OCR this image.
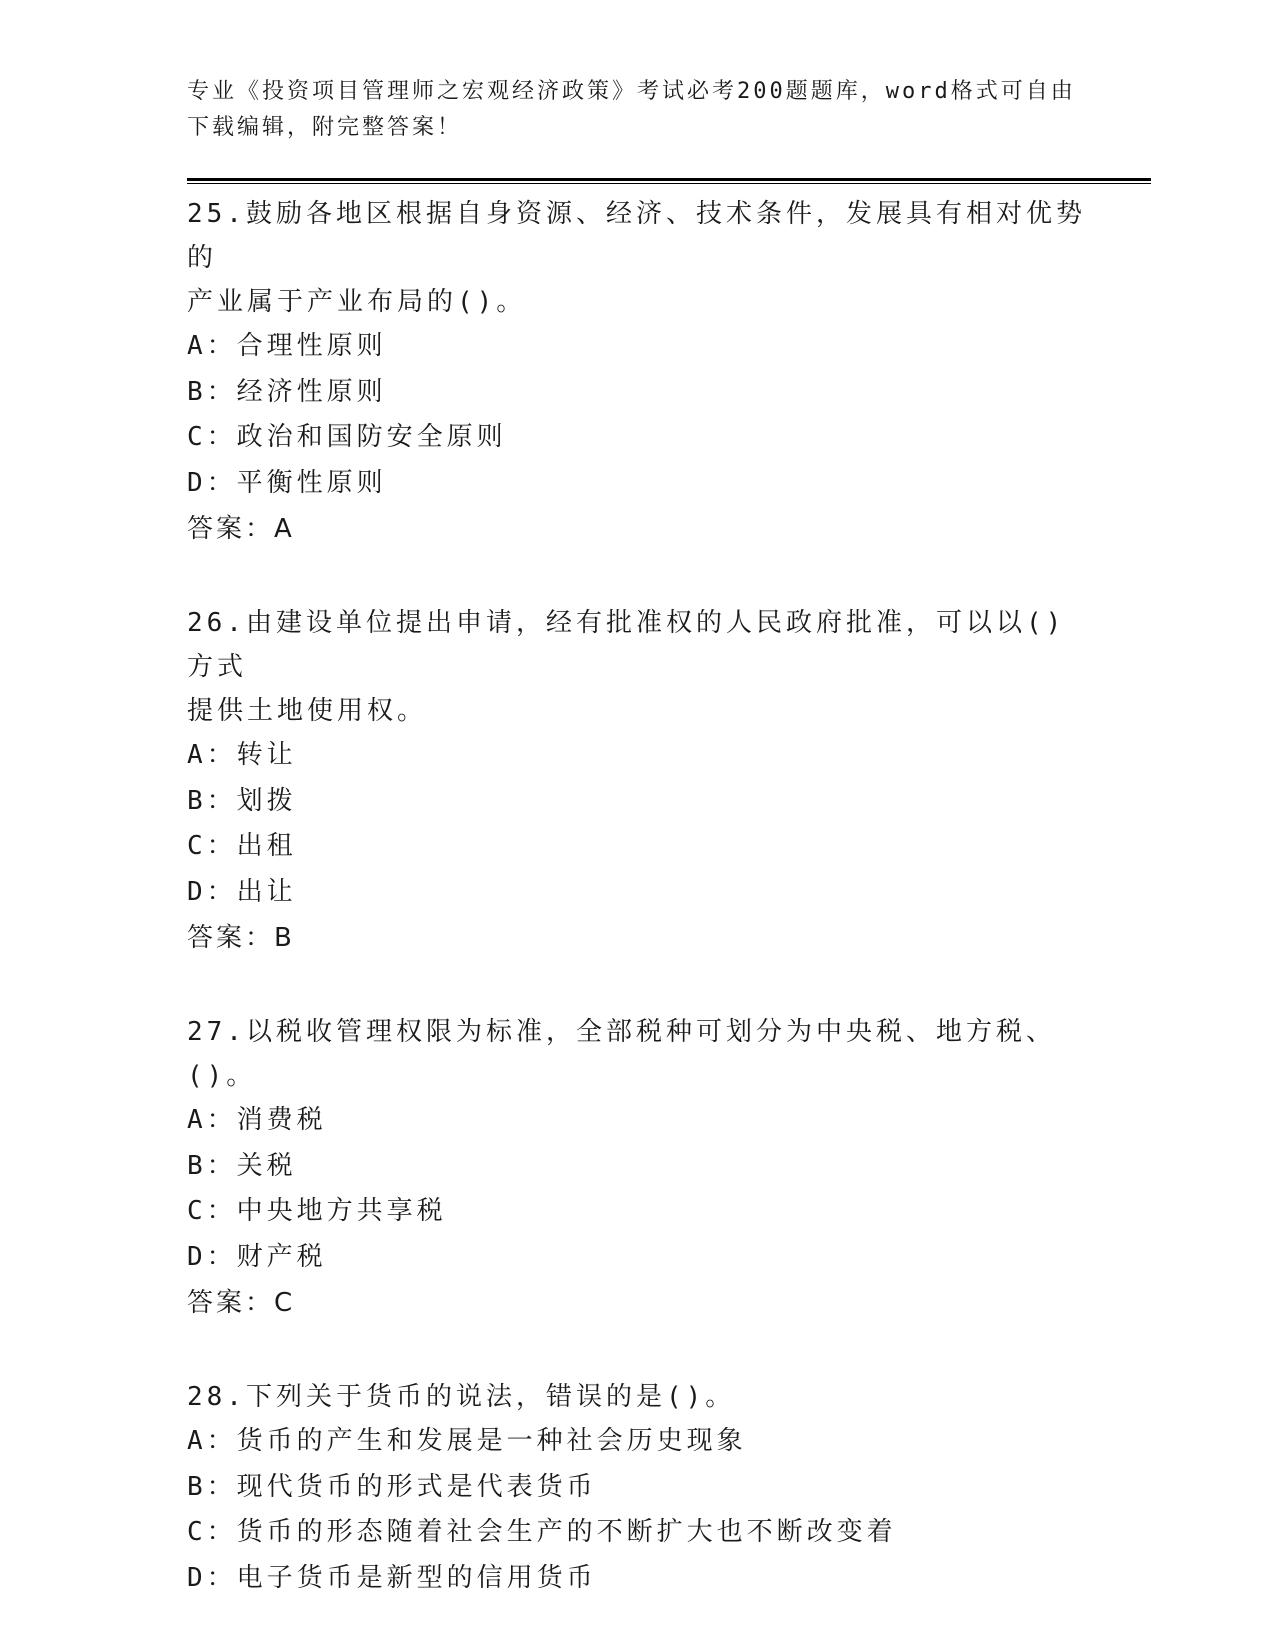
专业《投资项目管理师之宏观经济政策》考试必考200题题库，word格式可自由
下载编辑，附完整答案！
25.鼓励各地区根据自身资源、经济、技术条件，发展具有相对优势的
产业属于产业布局的()。
A：合理性原则
B：经济性原则
C：政治和国防安全原则
D：平衡性原则
答案：A
26.由建设单位提出申请，经有批准权的人民政府批准，可以以()方式
提供土地使用权。
A：转让
B：划拨
C：出租
D：出让
答案：B
27.以税收管理权限为标准，全部税种可划分为中央税、地方税、()。
A：消费税
B：关税
C：中央地方共享税
D：财产税
答案：C
28.下列关于货币的说法，错误的是()。
A：货币的产生和发展是一种社会历史现象
B：现代货币的形式是代表货币
C：货币的形态随着社会生产的不断扩大也不断改变着
D：电子货币是新型的信用货币
